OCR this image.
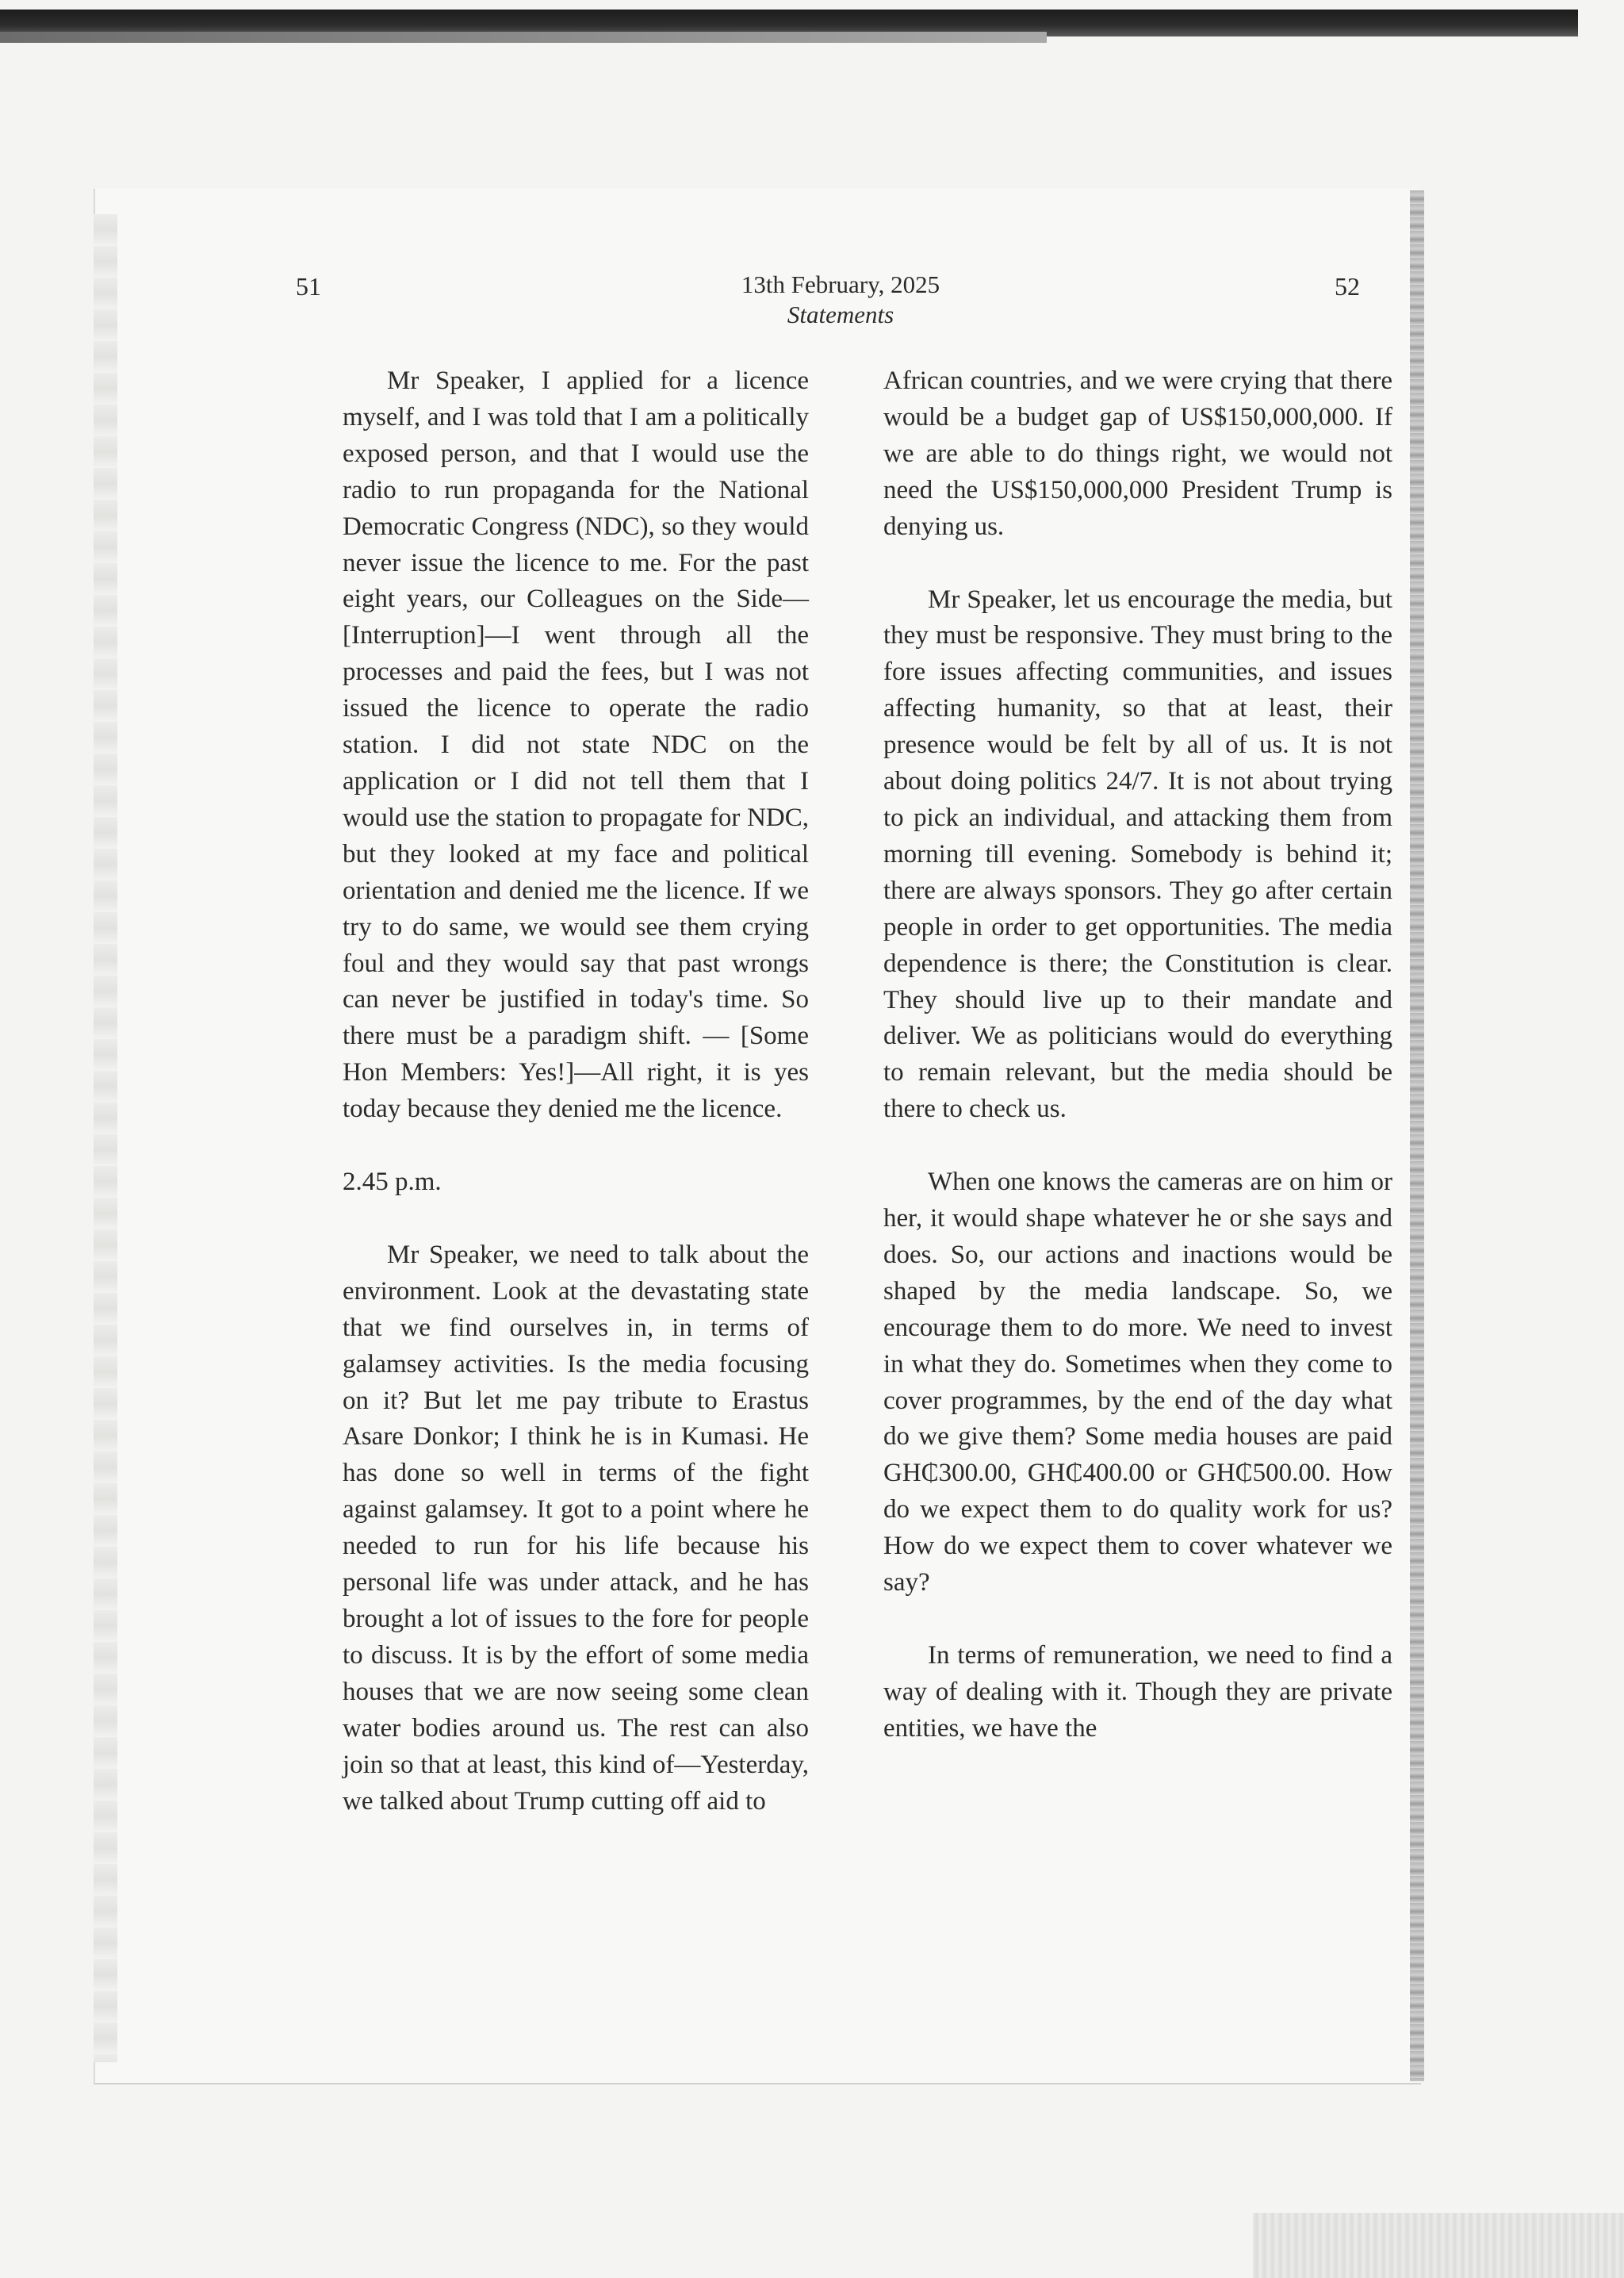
51	13th February, 2025
Statements
52

Mr Speaker, I applied for a licence myself, and I was told that I am a politically exposed person, and that I would use the radio to run propaganda for the National Democratic Congress (NDC), so they would never issue the licence to me. For the past eight years, our Colleagues on the Side— [Interruption]—I went through all the processes and paid the fees, but I was not issued the licence to operate the radio station. I did not state NDC on the application or I did not tell them that I would use the station to propagate for NDC, but they looked at my face and political orientation and denied me the licence. If we try to do same, we would see them crying foul and they would say that past wrongs can never be justified in today's time. So there must be a paradigm shift. — [Some Hon Members: Yes!]—All right, it is yes today because they denied me the licence.

2.45 p.m.

Mr Speaker, we need to talk about the environment. Look at the devastating state that we find ourselves in, in terms of galamsey activities. Is the media focusing on it? But let me pay tribute to Erastus Asare Donkor; I think he is in Kumasi. He has done so well in terms of the fight against galamsey. It got to a point where he needed to run for his life because his personal life was under attack, and he has brought a lot of issues to the fore for people to discuss. It is by the effort of some media houses that we are now seeing some clean water bodies around us. The rest can also join so that at least, this kind of—Yesterday, we talked about Trump cutting off aid to

African countries, and we were crying that there would be a budget gap of US$150,000,000. If we are able to do things right, we would not need the US$150,000,000 President Trump is denying us.

Mr Speaker, let us encourage the media, but they must be responsive. They must bring to the fore issues affecting communities, and issues affecting humanity, so that at least, their presence would be felt by all of us. It is not about doing politics 24/7. It is not about trying to pick an individual, and attacking them from morning till evening. Somebody is behind it; there are always sponsors. They go after certain people in order to get opportunities. The media dependence is there; the Constitution is clear. They should live up to their mandate and deliver. We as politicians would do everything to remain relevant, but the media should be there to check us.

When one knows the cameras are on him or her, it would shape whatever he or she says and does. So, our actions and inactions would be shaped by the media landscape. So, we encourage them to do more. We need to invest in what they do. Sometimes when they come to cover programmes, by the end of the day what do we give them? Some media houses are paid GH₵300.00, GH₵400.00 or GH₵500.00. How do we expect them to do quality work for us? How do we expect them to cover whatever we say?

In terms of remuneration, we need to find a way of dealing with it. Though they are private entities, we have the
